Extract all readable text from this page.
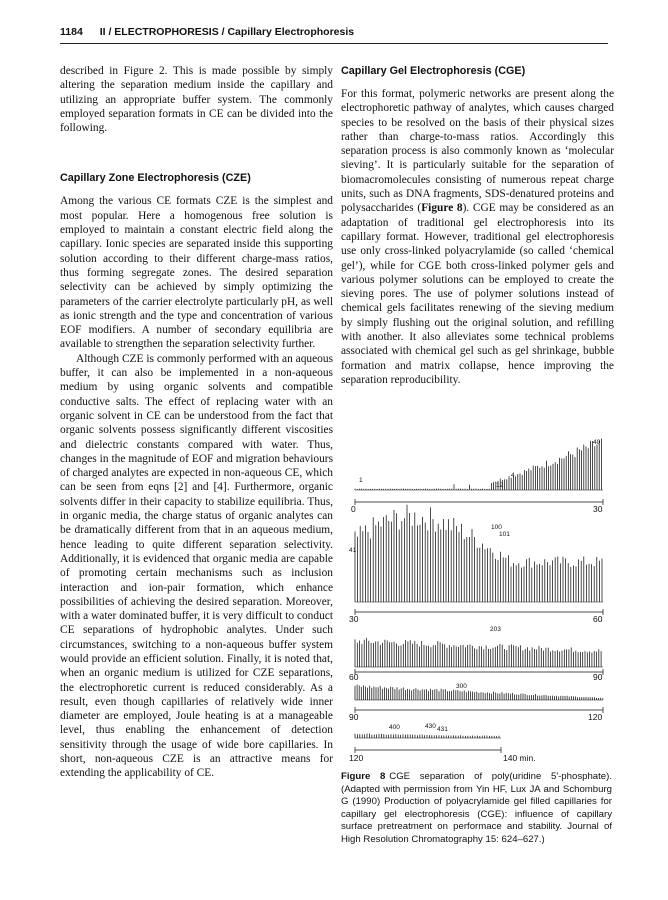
1184 II / ELECTROPHORESIS / Capillary Electrophoresis

described in Figure 2. This is made possible by simply altering the separation medium inside the capillary and utilizing an appropriate buffer system. The commonly employed separation formats in CE can be divided into the following.

Capillary Zone Electrophoresis (CZE)

Among the various CE formats CZE is the simplest and most popular. Here a homogenous free solution is employed to maintain a constant electric field along the capillary. Ionic species are separated inside this supporting solution according to their different charge-mass ratios, thus forming segregate zones. The desired separation selectivity can be achieved by simply optimizing the parameters of the carrier electrolyte particularly pH, as well as ionic strength and the type and concentration of various EOF modifiers. A number of secondary equilibria are available to strengthen the separation selectivity further.

Although CZE is commonly performed with an aqueous buffer, it can also be implemented in a non-aqueous medium by using organic solvents and compatible conductive salts. The effect of replacing water with an organic solvent in CE can be understood from the fact that organic solvents possess significantly different viscosities and dielectric constants compared with water. Thus, changes in the magnitude of EOF and migration behaviours of charged analytes are expected in non-aqueous CE, which can be seen from eqns [2] and [4]. Furthermore, organic solvents differ in their capacity to stabilize equilibria. Thus, in organic media, the charge status of organic analytes can be dramatically different from that in an aqueous medium, hence leading to quite different separation selectivity. Additionally, it is evidenced that organic media are capable of promoting certain mechanisms such as inclusion interaction and ion-pair formation, which enhance possibilities of achieving the desired separation. Moreover, with a water dominated buffer, it is very difficult to conduct CE separations of hydrophobic analytes. Under such circumstances, switching to a non-aqueous buffer system would provide an efficient solution. Finally, it is noted that, when an organic medium is utilized for CZE separations, the electrophoretic current is reduced considerably. As a result, even though capillaries of relatively wide inner diameter are employed, Joule heating is at a manageable level, thus enabling the enhancement of detection sensitivity through the usage of wide bore capillaries. In short, non-aqueous CZE is an attractive means for extending the applicability of CE.

Capillary Gel Electrophoresis (CGE)

For this format, polymeric networks are present along the electrophoretic pathway of analytes, which causes charged species to be resolved on the basis of their physical sizes rather than charge-to-mass ratios. Accordingly this separation process is also commonly known as ‘molecular sieving’. It is particularly suitable for the separation of biomacromolecules consisting of numerous repeat charge units, such as DNA fragments, SDS-denatured proteins and polysaccharides (Figure 8). CGE may be considered as an adaptation of traditional gel electrophoresis into its capillary format. However, traditional gel electrophoresis use only cross-linked polyacrylamide (so called ‘chemical gel’), while for CGE both cross-linked polymer gels and various polymer solutions can be employed to create the sieving pores. The use of polymer solutions instead of chemical gels facilitates renewing of the sieving medium by simply flushing out the original solution, and refilling with another. It also alleviates some technical problems associated with chemical gel such as gel shrinkage, bubble formation and matrix collapse, hence improving the separation reproducibility.

0	30
40
1
12
4
30	60
41
100
101
60	90
203
90	120
300
120	140 min.
400	430 431
Figure 8 CGE separation of poly(uridine 5′-phosphate). (Adapted with permission from Yin HF, Lux JA and Schomburg G (1990) Production of polyacrylamide gel filled capillaries for capillary gel electrophoresis (CGE): influence of capillary surface pretreatment on performace and stability. Journal of High Resolution Chromatography 15: 624–627.)
